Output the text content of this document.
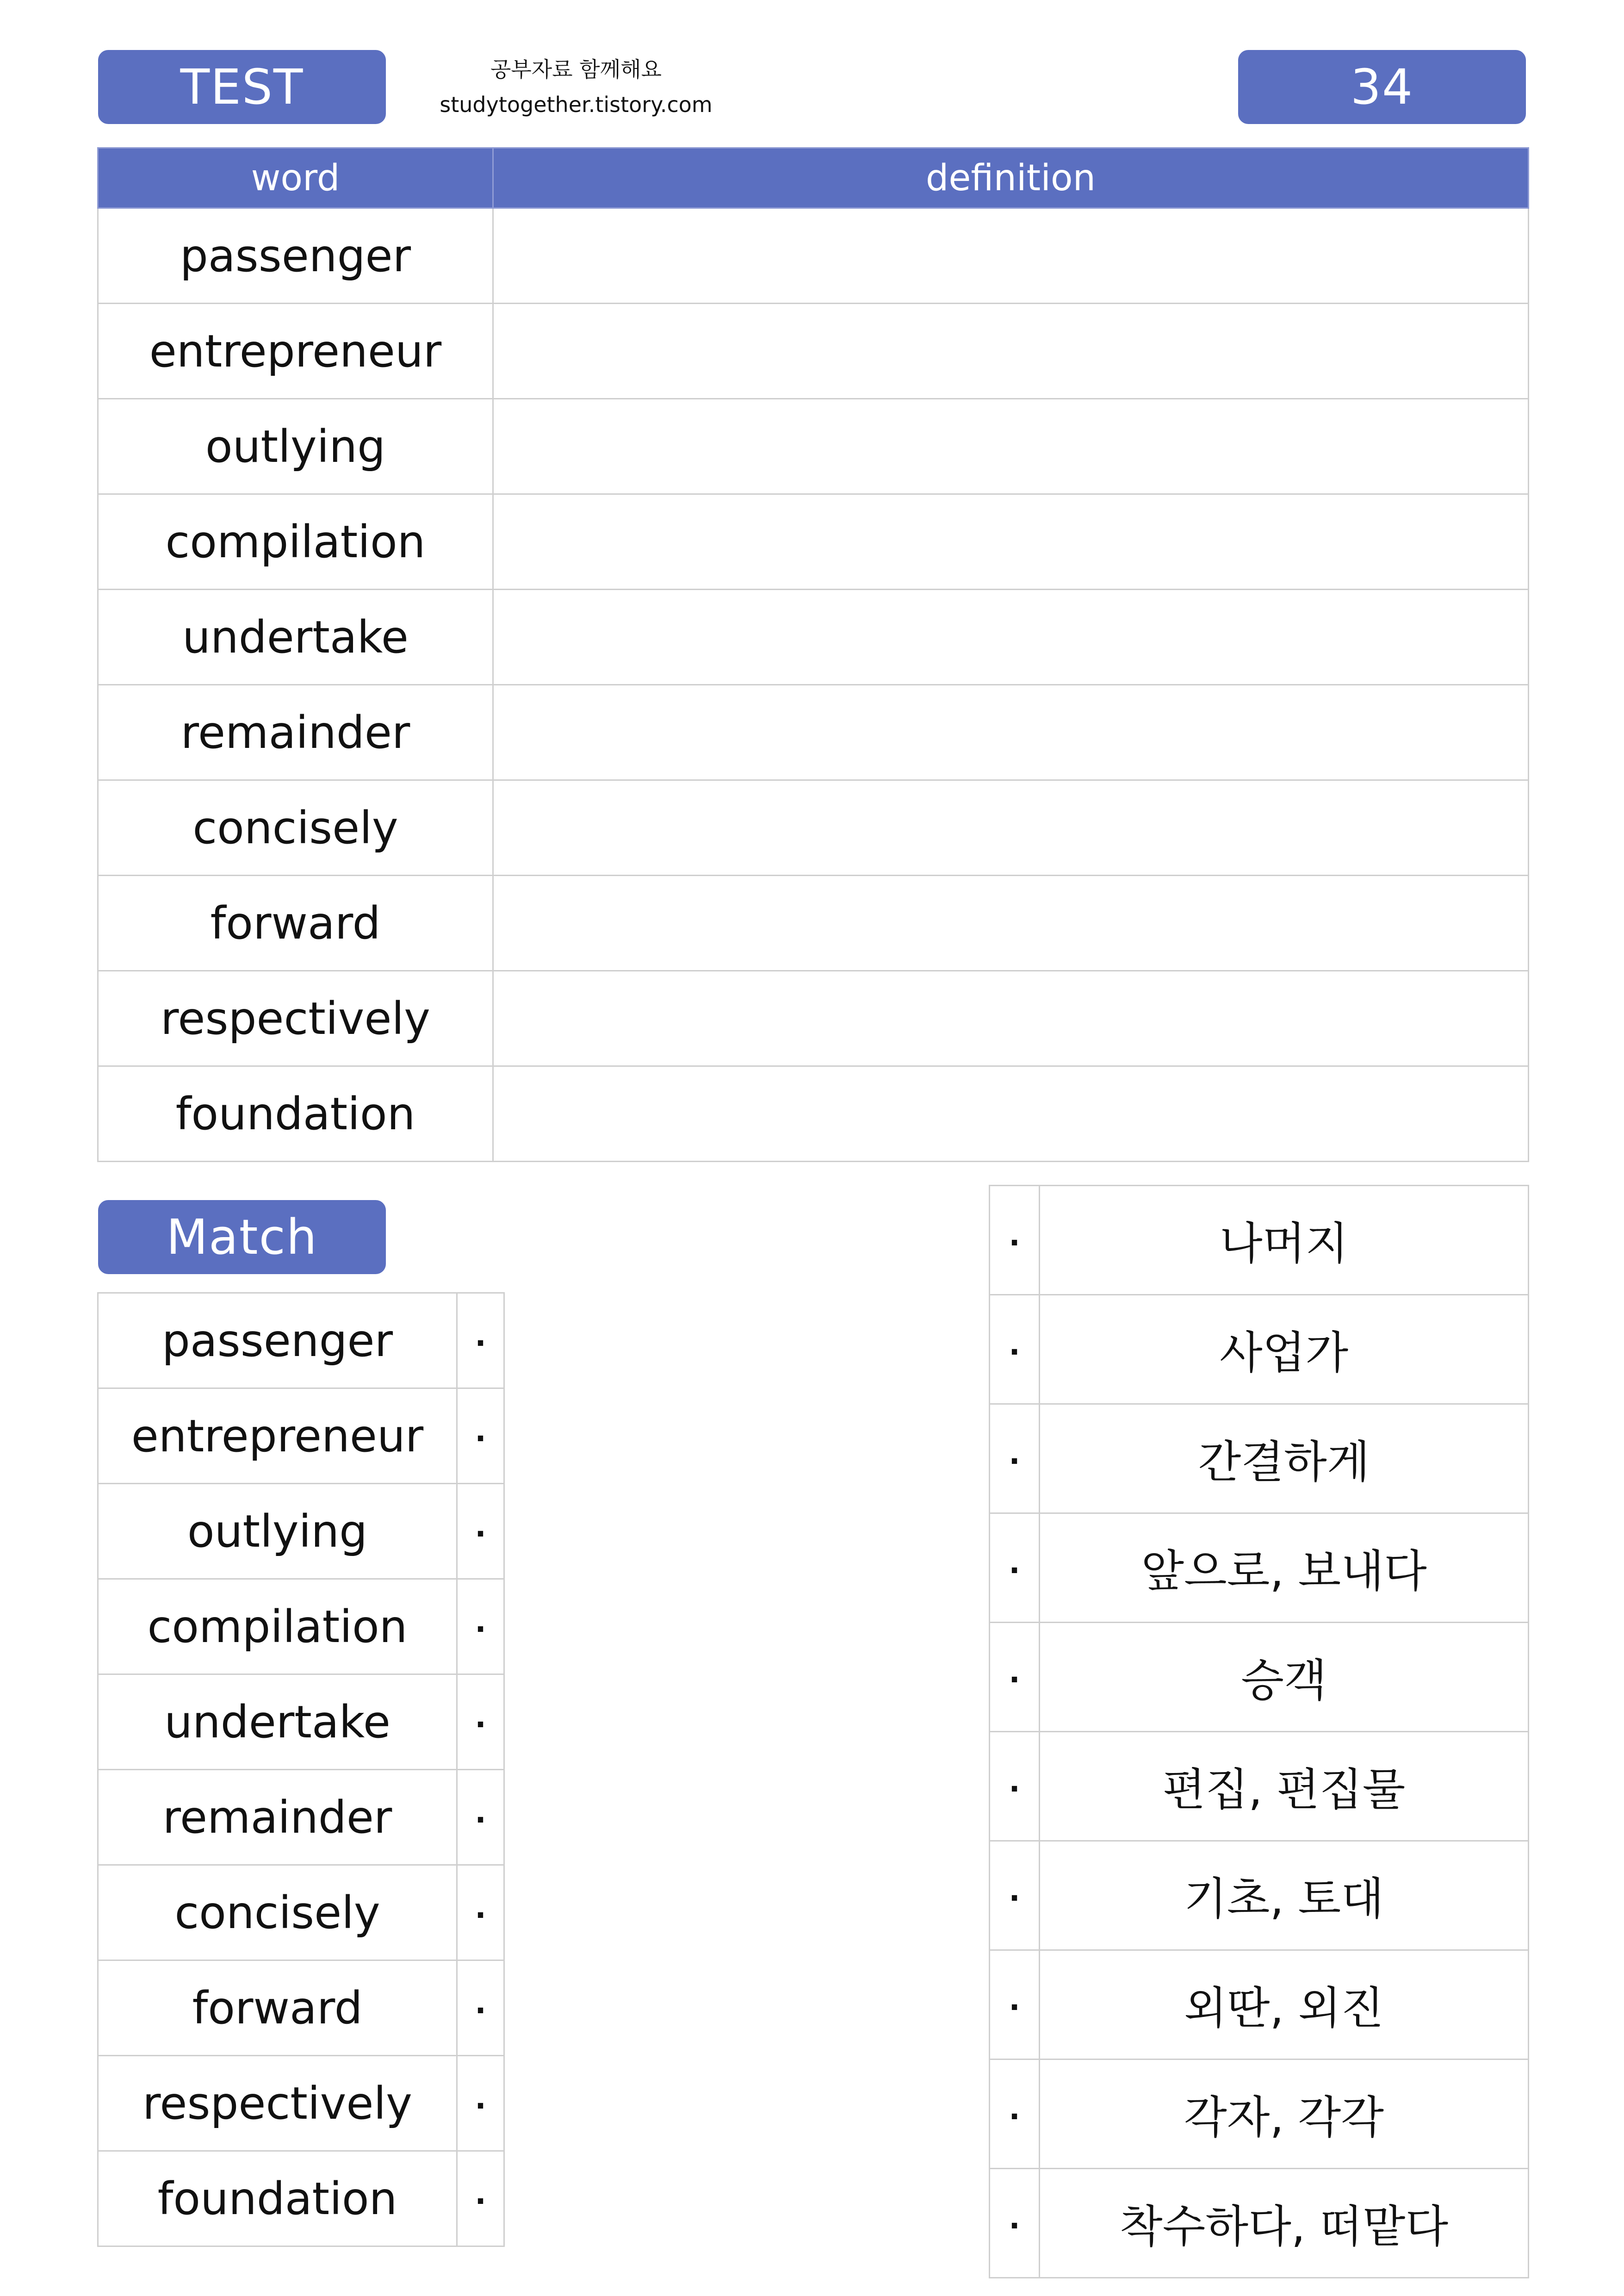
TEST	공부자료 함께해요
studytogether.tistory.com	34
word	definition
passenger	
entrepreneur	
outlying	
compilation	
undertake	
remainder	
concisely	
forward	
respectively	
foundation	
Match
passenger	·
entrepreneur	·
outlying	·
compilation	·
undertake	·
remainder	·
concisely	·
forward	·
respectively	·
foundation	·
·	나머지
·	사업가
·	간결하게
·	앞으로, 보내다
·	승객
·	편집, 편집물
·	기초, 토대
·	외딴, 외진
·	각자, 각각
·	착수하다, 떠맡다
